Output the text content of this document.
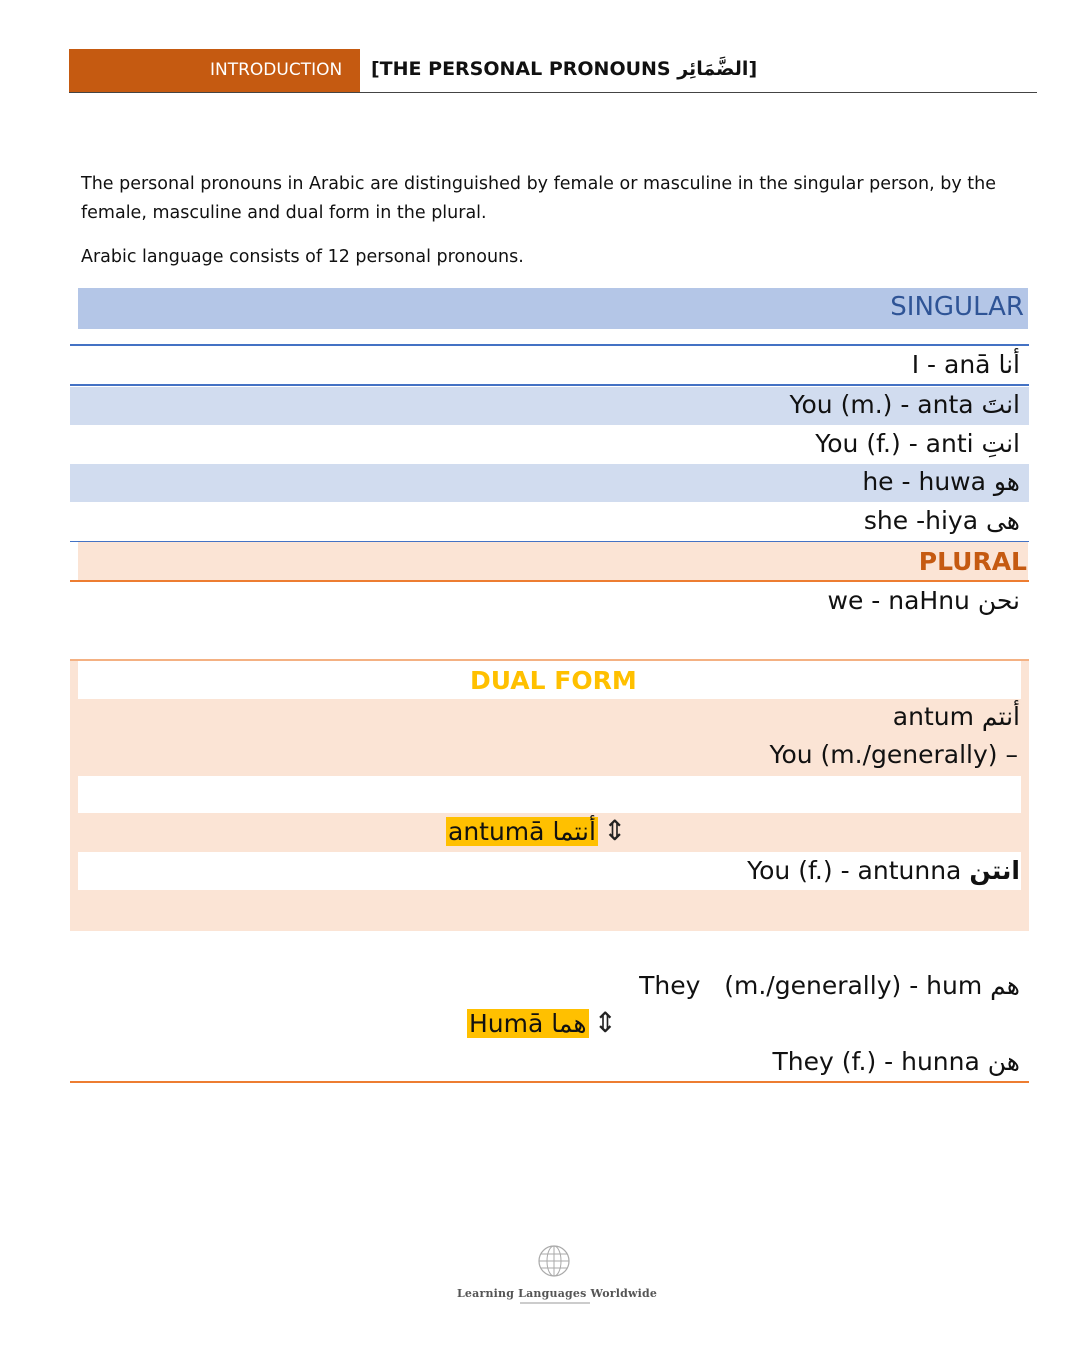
INTRODUCTION	[THE PERSONAL PRONOUNS الضَّمَائِر]
The personal pronouns in Arabic are distinguished by female or masculine in the singular person, by the
female, masculine and dual form in the plural.
Arabic language consists of 12 personal pronouns.
SINGULAR
I - anā أنا
You (m.) - anta انتَ
You (f.) - anti انتِ
he - huwa هو
she -hiya هى
PLURAL
we - naHnu نحن
DUAL FORM
antum أنتم
You (m./generally) –
antumā أنتما ⇕
You (f.) - antunna انتن
They   (m./generally) - hum هم
Humā هما ⇕
They (f.) - hunna هن
Learning Languages Worldwide
